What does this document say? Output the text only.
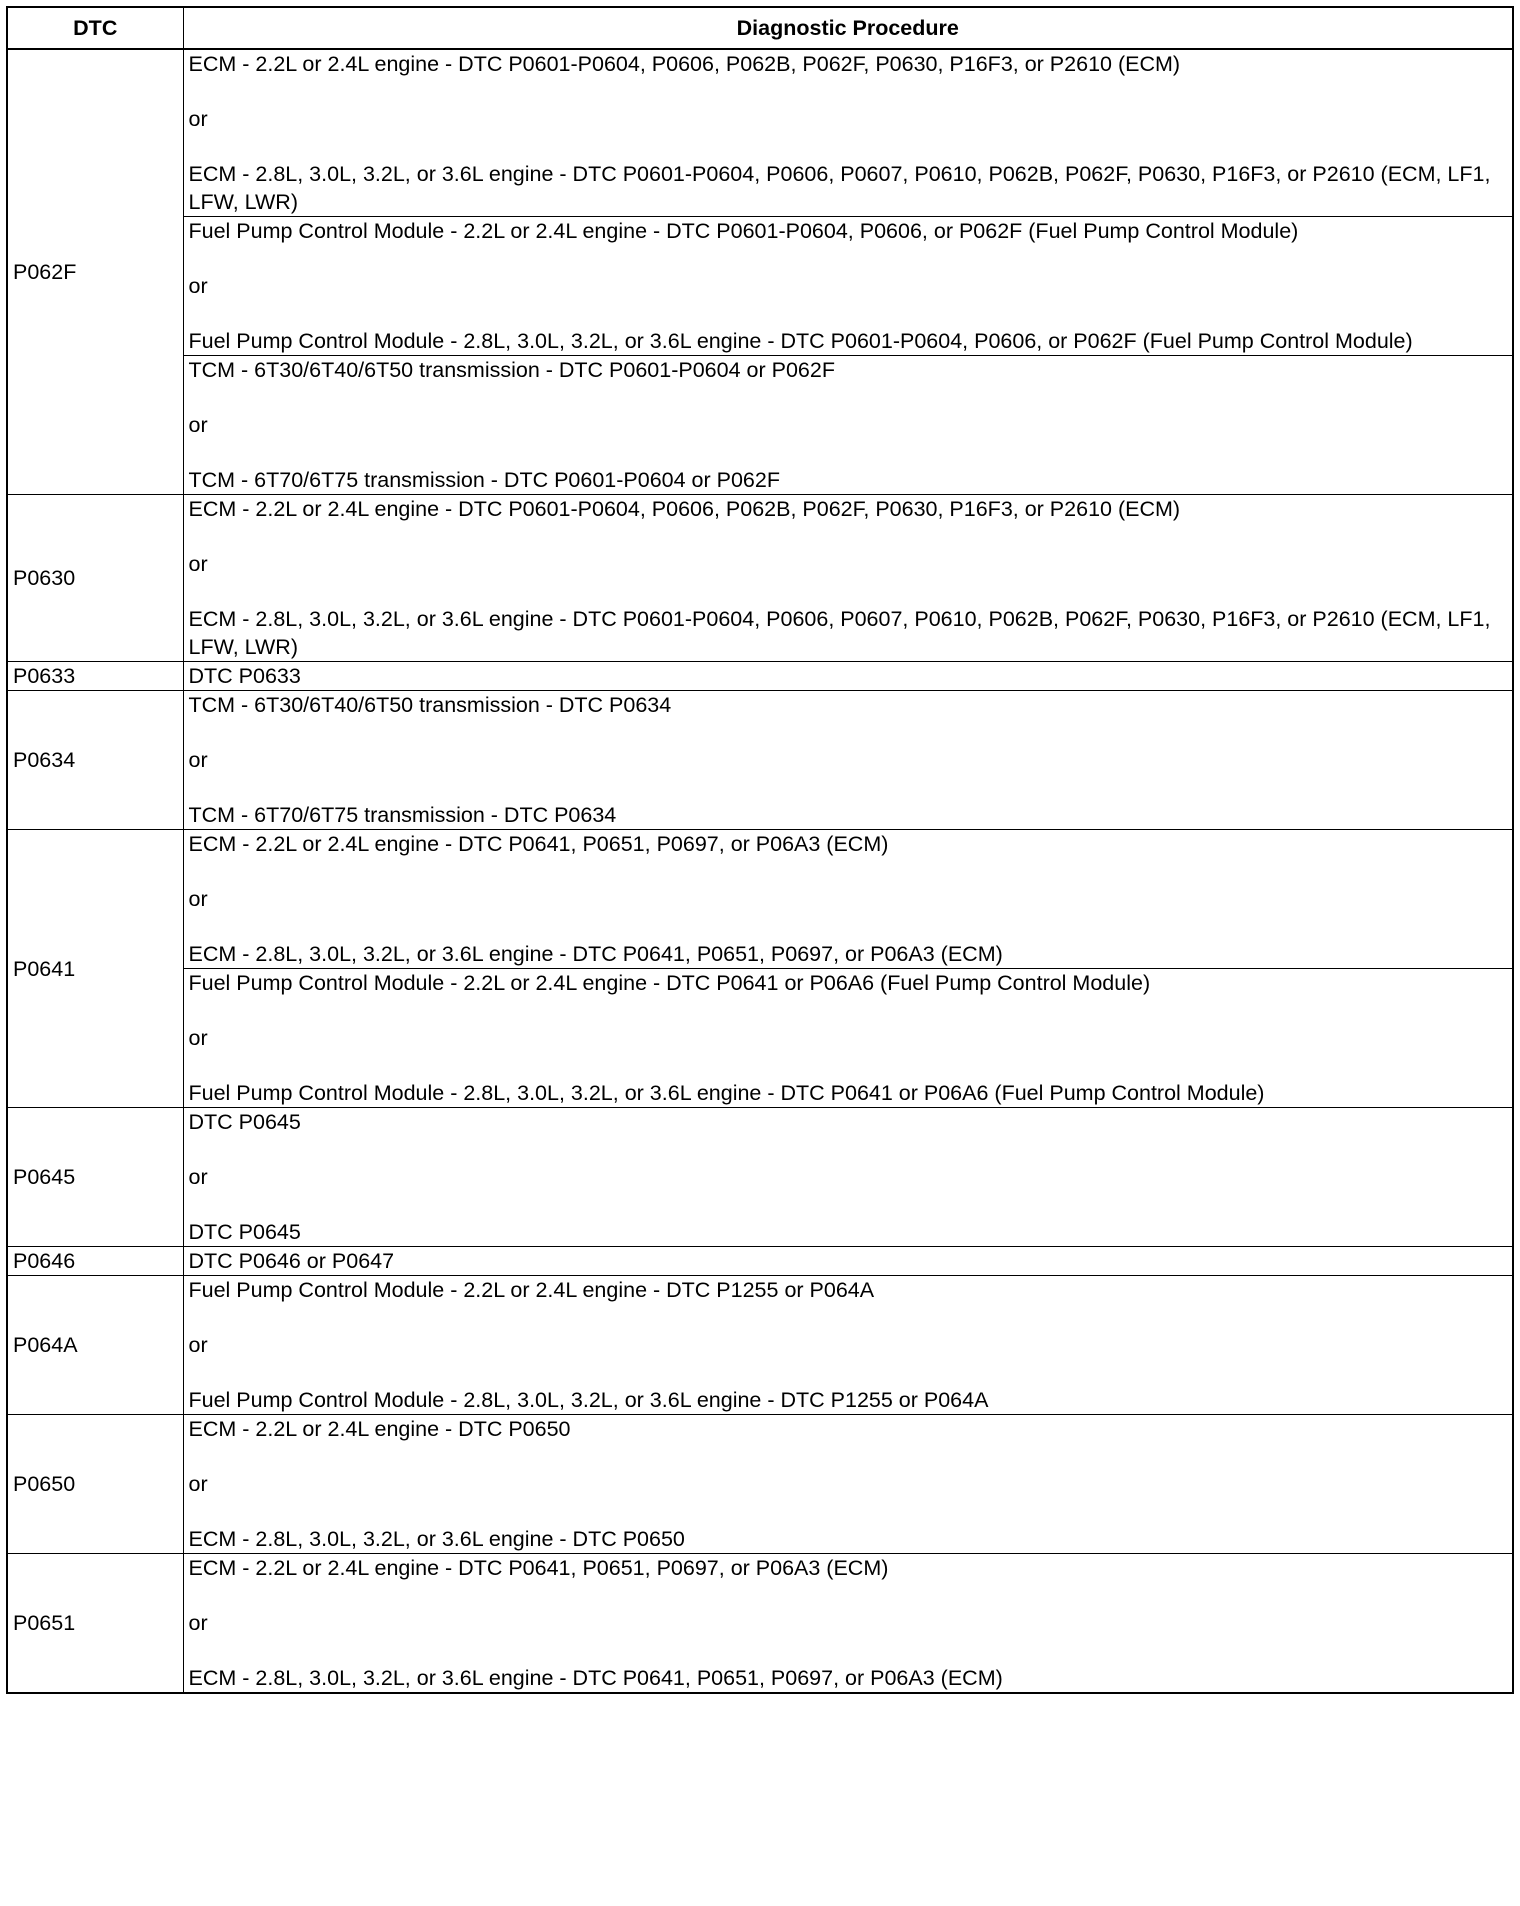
DTC	Diagnostic Procedure
P062F	ECM - 2.2L or 2.4L engine - DTC P0601-P0604, P0606, P062B, P062F, P0630, P16F3, or P2610 (ECM)

or

ECM - 2.8L, 3.0L, 3.2L, or 3.6L engine - DTC P0601-P0604, P0606, P0607, P0610, P062B, P062F, P0630, P16F3, or P2610 (ECM, LF1, LFW, LWR)

	Fuel Pump Control Module - 2.2L or 2.4L engine - DTC P0601-P0604, P0606, or P062F (Fuel Pump Control Module)

or

Fuel Pump Control Module - 2.8L, 3.0L, 3.2L, or 3.6L engine - DTC P0601-P0604, P0606, or P062F (Fuel Pump Control Module)

	TCM - 6T30/6T40/6T50 transmission - DTC P0601-P0604 or P062F

or

TCM - 6T70/6T75 transmission - DTC P0601-P0604 or P062F

P0630	ECM - 2.2L or 2.4L engine - DTC P0601-P0604, P0606, P062B, P062F, P0630, P16F3, or P2610 (ECM)

or

ECM - 2.8L, 3.0L, 3.2L, or 3.6L engine - DTC P0601-P0604, P0606, P0607, P0610, P062B, P062F, P0630, P16F3, or P2610 (ECM, LF1, LFW, LWR)

P0633	DTC P0633

P0634	TCM - 6T30/6T40/6T50 transmission - DTC P0634

or

TCM - 6T70/6T75 transmission - DTC P0634

P0641	ECM - 2.2L or 2.4L engine - DTC P0641, P0651, P0697, or P06A3 (ECM)

or

ECM - 2.8L, 3.0L, 3.2L, or 3.6L engine - DTC P0641, P0651, P0697, or P06A3 (ECM)

	Fuel Pump Control Module - 2.2L or 2.4L engine - DTC P0641 or P06A6 (Fuel Pump Control Module)

or

Fuel Pump Control Module - 2.8L, 3.0L, 3.2L, or 3.6L engine - DTC P0641 or P06A6 (Fuel Pump Control Module)

P0645	DTC P0645

or

DTC P0645

P0646	DTC P0646 or P0647

P064A	Fuel Pump Control Module - 2.2L or 2.4L engine - DTC P1255 or P064A

or

Fuel Pump Control Module - 2.8L, 3.0L, 3.2L, or 3.6L engine - DTC P1255 or P064A

P0650	ECM - 2.2L or 2.4L engine - DTC P0650

or

ECM - 2.8L, 3.0L, 3.2L, or 3.6L engine - DTC P0650

P0651	ECM - 2.2L or 2.4L engine - DTC P0641, P0651, P0697, or P06A3 (ECM)

or

ECM - 2.8L, 3.0L, 3.2L, or 3.6L engine - DTC P0641, P0651, P0697, or P06A3 (ECM)
